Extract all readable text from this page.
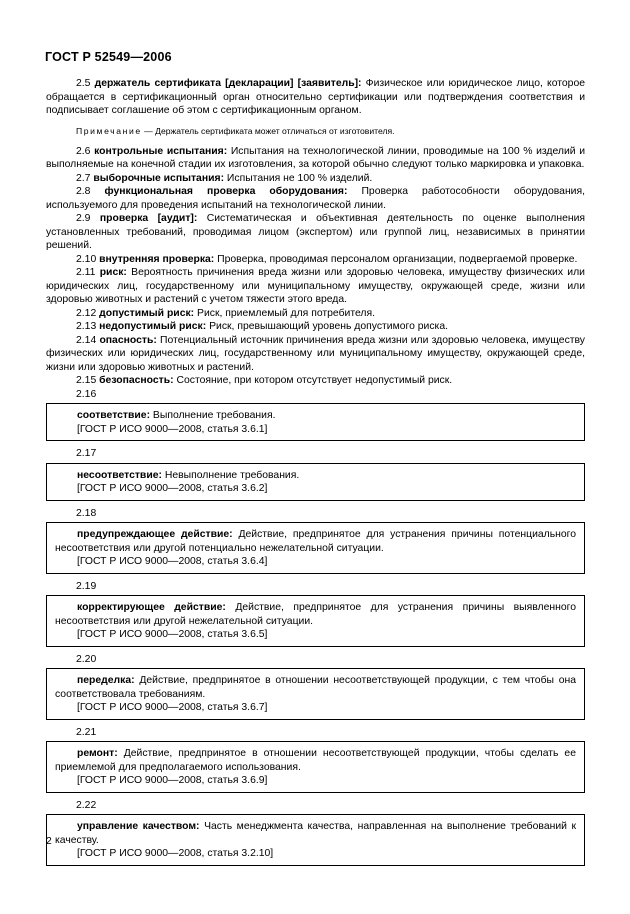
ГОСТ Р 52549—2006

2.5 держатель сертификата [декларации] [заявитель]: Физическое или юридическое лицо, которое обращается в сертификационный орган относительно сертификации или подтверждения соответствия и подписывает соглашение об этом с сертификационным органом.

Примечание — Держатель сертификата может отличаться от изготовителя.

2.6 контрольные испытания: Испытания на технологической линии, проводимые на 100 % изделий и выполняемые на конечной стадии их изготовления, за которой обычно следуют только маркировка и упаковка.

2.7 выборочные испытания: Испытания не 100 % изделий.

2.8 функциональная проверка оборудования: Проверка работособности оборудования, используемого для проведения испытаний на технологической линии.

2.9 проверка [аудит]: Систематическая и объективная деятельность по оценке выполнения установленных требований, проводимая лицом (экспертом) или группой лиц, независимых в принятии решений.

2.10 внутренняя проверка: Проверка, проводимая персоналом организации, подвергаемой проверке.

2.11 риск: Вероятность причинения вреда жизни или здоровью человека, имуществу физических или юридических лиц, государственному или муниципальному имуществу, окружающей среде, жизни или здоровью животных и растений с учетом тяжести этого вреда.

2.12 допустимый риск: Риск, приемлемый для потребителя.

2.13 недопустимый риск: Риск, превышающий уровень допустимого риска.

2.14 опасность: Потенциальный источник причинения вреда жизни или здоровью человека, имуществу физических или юридических лиц, государственному или муниципальному имуществу, окружающей среде, жизни или здоровью животных и растений.

2.15 безопасность: Состояние, при котором отсутствует недопустимый риск.

2.16

соответствие: Выполнение требования.

[ГОСТ Р ИСО 9000—2008, статья 3.6.1]

2.17

несоответствие: Невыполнение требования.

[ГОСТ Р ИСО 9000—2008, статья 3.6.2]

2.18

предупреждающее действие: Действие, предпринятое для устранения причины потенциального несоответствия или другой потенциально нежелательной ситуации.

[ГОСТ Р ИСО 9000—2008, статья 3.6.4]

2.19

корректирующее действие: Действие, предпринятое для устранения причины выявленного несоответствия или другой нежелательной ситуации.

[ГОСТ Р ИСО 9000—2008, статья 3.6.5]

2.20

переделка: Действие, предпринятое в отношении несоответствующей продукции, с тем чтобы она соответствовала требованиям.

[ГОСТ Р ИСО 9000—2008, статья 3.6.7]

2.21

ремонт: Действие, предпринятое в отношении несоответствующей продукции, чтобы сделать ее приемлемой для предполагаемого использования.

[ГОСТ Р ИСО 9000—2008, статья 3.6.9]

2.22

управление качеством: Часть менеджмента качества, направленная на выполнение требований к качеству.

[ГОСТ Р ИСО 9000—2008, статья 3.2.10]

2
